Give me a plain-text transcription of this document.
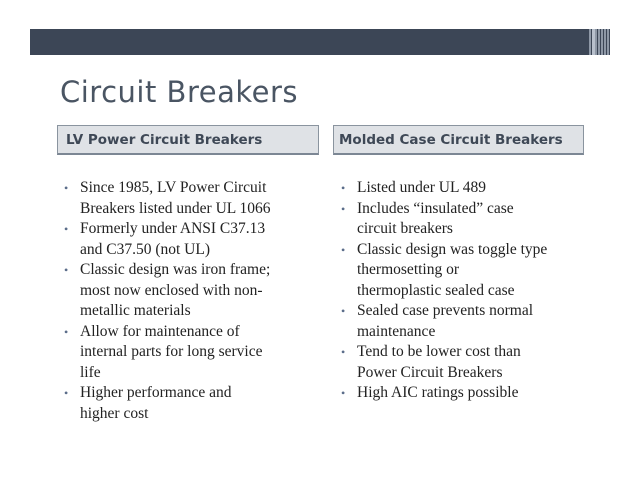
Circuit Breakers
LV Power Circuit Breakers	Molded Case Circuit Breakers
• Since 1985, LV Power Circuit
Breakers listed under UL 1066
• Formerly under ANSI C37.13
and C37.50 (not UL)
• Classic design was iron frame;
most now enclosed with non-
metallic materials
• Allow for maintenance of
internal parts for long service
life
• Higher performance and
higher cost
• Listed under UL 489
• Includes “insulated” case
circuit breakers
• Classic design was toggle type
thermosetting or
thermoplastic sealed case
• Sealed case prevents normal
maintenance
• Tend to be lower cost than
Power Circuit Breakers
• High AIC ratings possible
